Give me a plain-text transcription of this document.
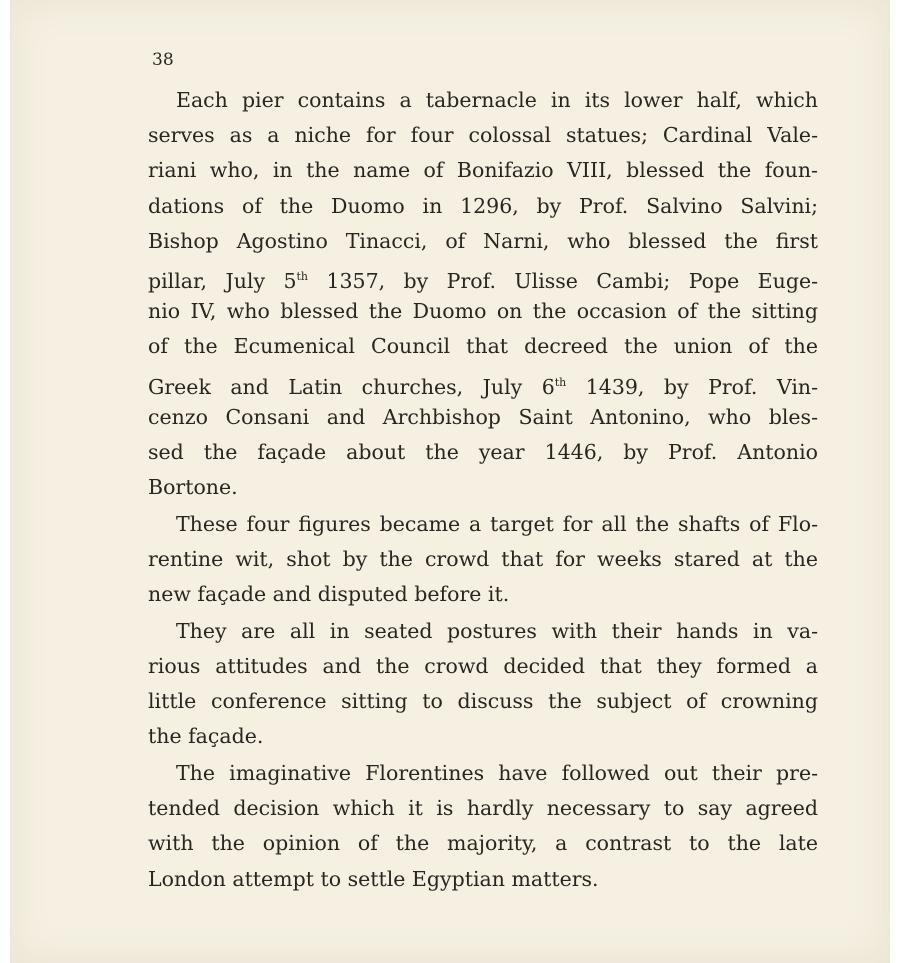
38
Each pier contains a tabernacle in its lower half, which
serves as a niche for four colossal statues; Cardinal Vale-
riani who, in the name of Bonifazio VIII, blessed the foun-
dations of the Duomo in 1296, by Prof. Salvino Salvini;
Bishop Agostino Tinacci, of Narni, who blessed the first
pillar, July 5th 1357, by Prof. Ulisse Cambi; Pope Euge-
nio IV, who blessed the Duomo on the occasion of the sitting
of the Ecumenical Council that decreed the union of the
Greek and Latin churches, July 6th 1439, by Prof. Vin-
cenzo Consani and Archbishop Saint Antonino, who bles-
sed the façade about the year 1446, by Prof. Antonio
Bortone.
These four figures became a target for all the shafts of Flo-
rentine wit, shot by the crowd that for weeks stared at the
new façade and disputed before it.
They are all in seated postures with their hands in va-
rious attitudes and the crowd decided that they formed a
little conference sitting to discuss the subject of crowning
the façade.
The imaginative Florentines have followed out their pre-
tended decision which it is hardly necessary to say agreed
with the opinion of the majority, a contrast to the late
London attempt to settle Egyptian matters.
